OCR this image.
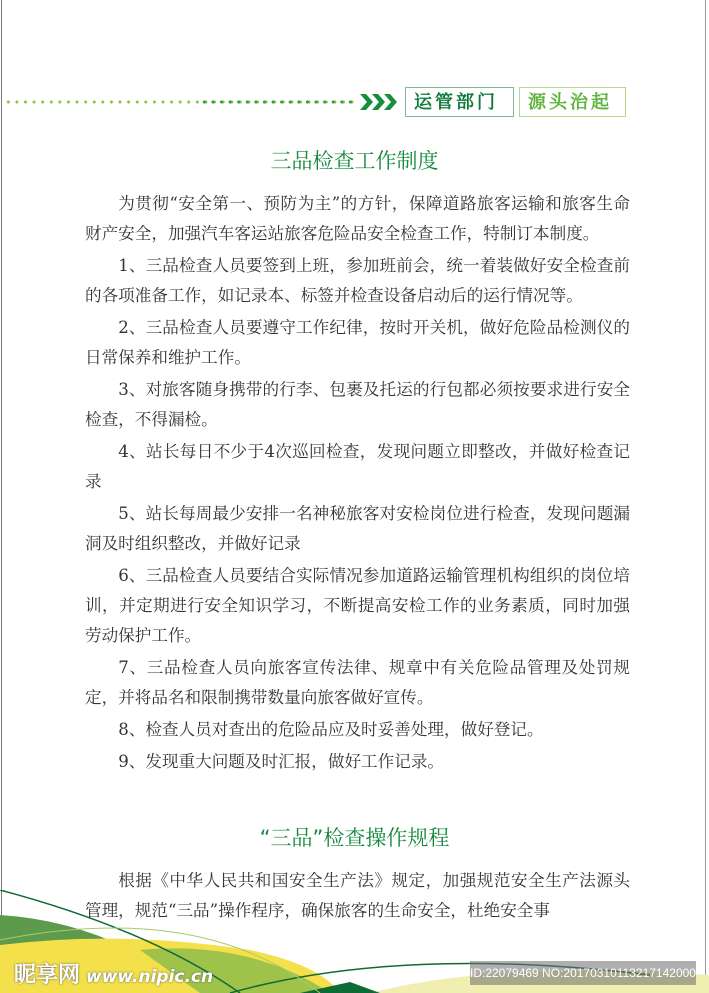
运管部门	源头治起
三品检查工作制度

为贯彻“安全第一、预防为主”的方针，保障道路旅客运输和旅客生命财产安全，加强汽车客运站旅客危险品安全检查工作，特制订本制度。

1、三品检查人员要签到上班，参加班前会，统一着装做好安全检查前的各项准备工作，如记录本、标签并检查设备启动后的运行情况等。

2、三品检查人员要遵守工作纪律，按时开关机，做好危险品检测仪的日常保养和维护工作。

3、对旅客随身携带的行李、包裹及托运的行包都必须按要求进行安全检查，不得漏检。

4、站长每日不少于4次巡回检查，发现问题立即整改，并做好检查记录

5、站长每周最少安排一名神秘旅客对安检岗位进行检查，发现问题漏洞及时组织整改，并做好记录

6、三品检查人员要结合实际情况参加道路运输管理机构组织的岗位培训，并定期进行安全知识学习，不断提高安检工作的业务素质，同时加强劳动保护工作。

7、三品检查人员向旅客宣传法律、规章中有关危险品管理及处罚规定，并将品名和限制携带数量向旅客做好宣传。

8、检查人员对查出的危险品应及时妥善处理，做好登记。

9、发现重大问题及时汇报，做好工作记录。

“三品”检查操作规程

根据《中华人民共和国安全生产法》规定，加强规范安全生产法源头管理，规范“三品”操作程序，确保旅客的生命安全，杜绝安全事

昵享网 www.nipic.cn	ID:22079469 NO:20170310113217142000
